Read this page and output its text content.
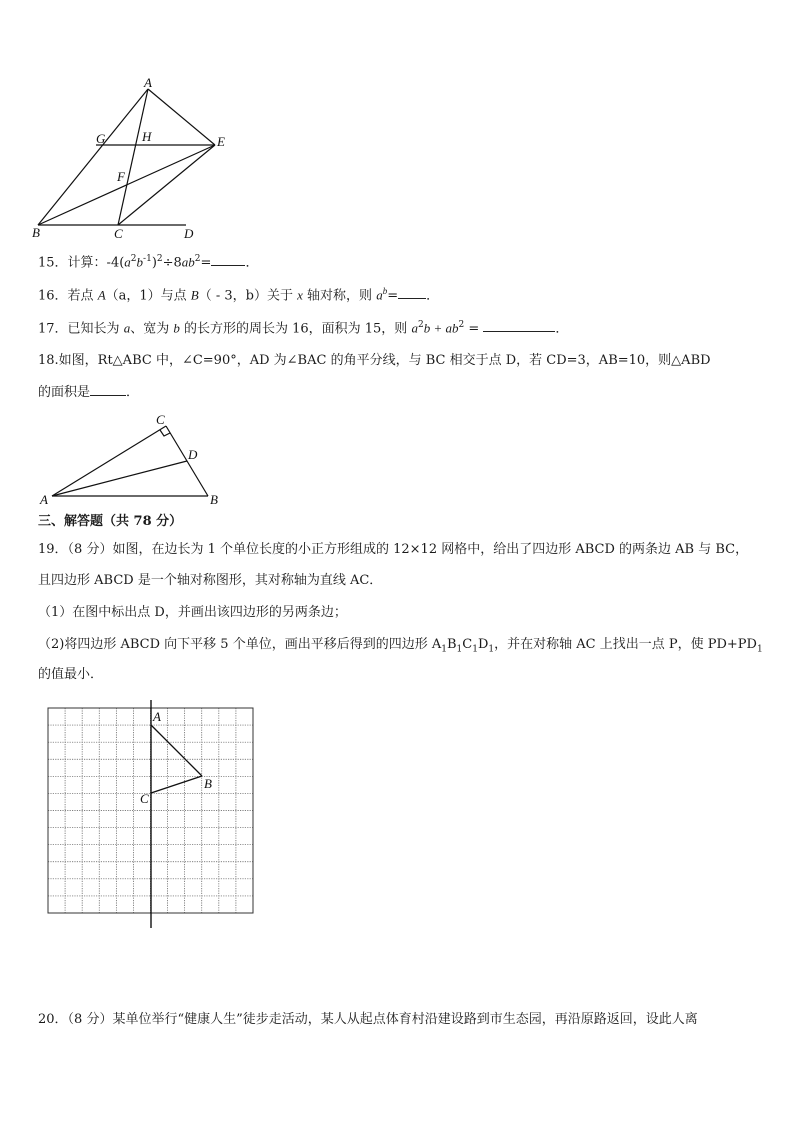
A
G	H	E
F
B	C	D
15．计算：$-4(a^2b^{-1})^2\div 8ab^2=$	．
16．若点 A（a，1）与点 B（ - 3，b）关于 x 轴对称，则 $a^b=$ ．
17．已知长为 a、宽为 b 的长方形的周长为 16，面积为 15，则 $a^2b + ab^2$ =	．
18.如图，Rt△ABC 中，∠C=90°，AD 为∠BAC 的角平分线，与 BC 相交于点 D，若 CD=3，AB=10，则△ABD
的面积是	．
C
D
A	B
三、解答题（共 78 分）
19．（8 分）如图，在边长为 1 个单位长度的小正方形组成的 12×12 网格中，给出了四边形 ABCD 的两条边 AB 与 BC，
且四边形 ABCD 是一个轴对称图形，其对称轴为直线 AC．
（1）在图中标出点 D，并画出该四边形的另两条边；
（2)将四边形 ABCD 向下平移 5 个单位，画出平移后得到的四边形 $A_1B_1C_1D_1$，并在对称轴 AC 上找出一点 P，使 $PD+PD_1$
的值最小．
A
B
C
20．（8 分）某单位举行“健康人生”徒步走活动，某人从起点体育村沿建设路到市生态园，再沿原路返回，设此人离
